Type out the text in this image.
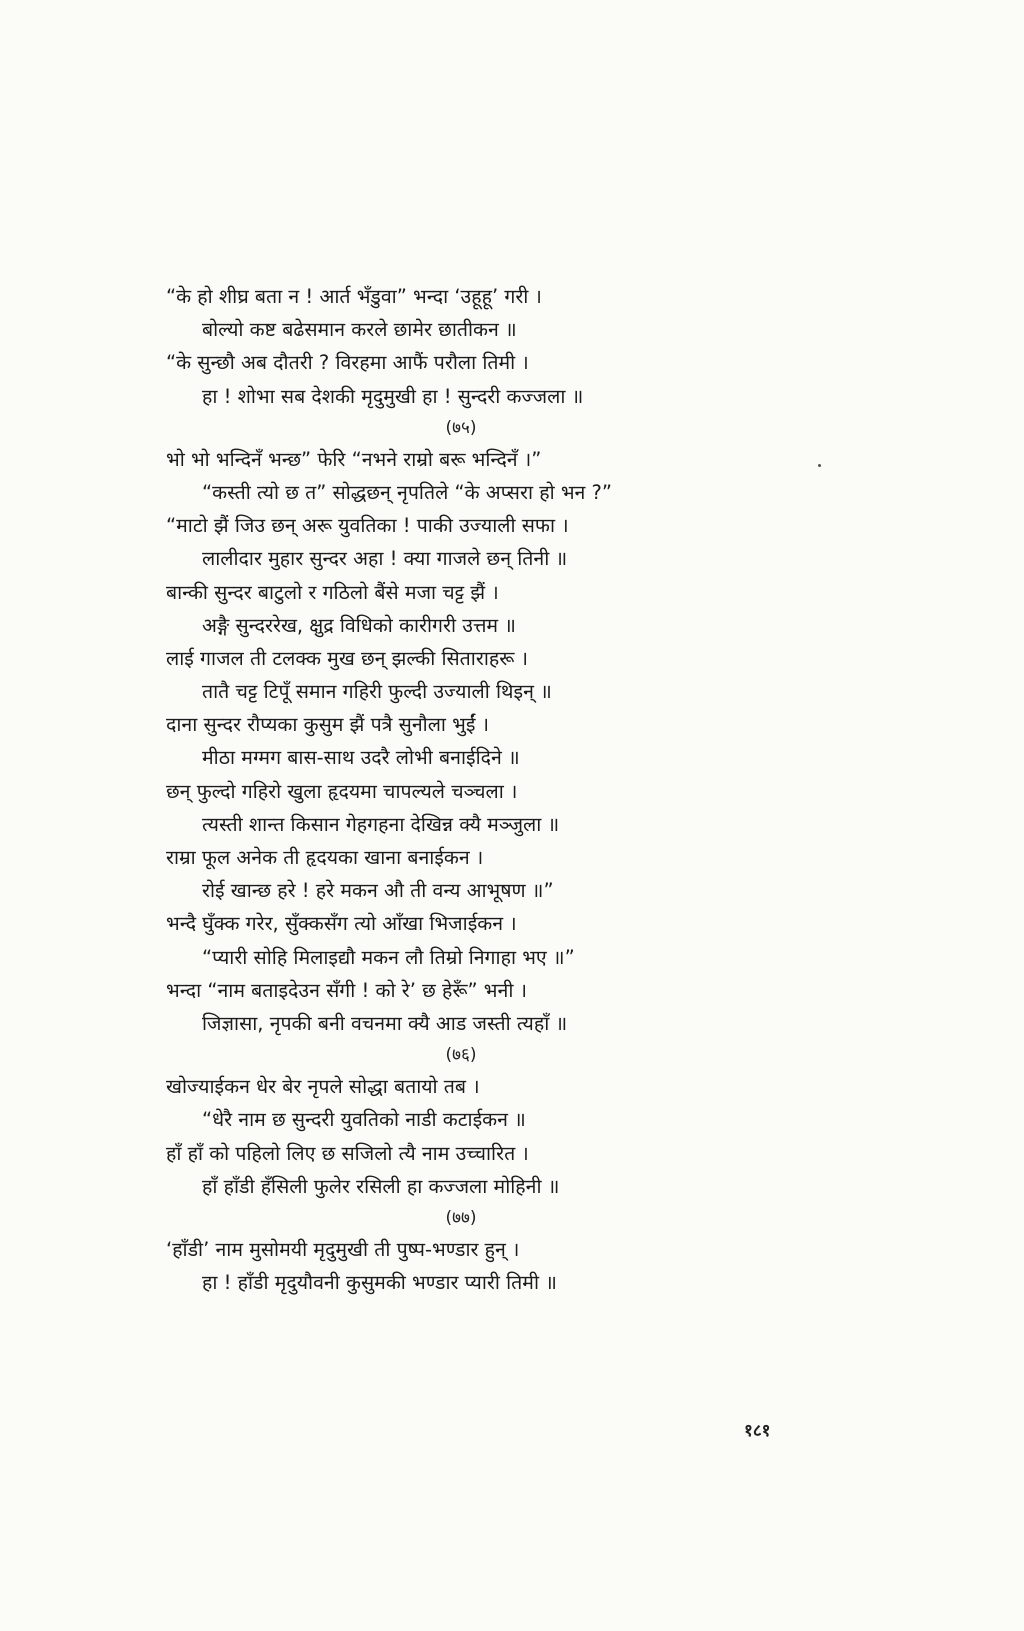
“के हो शीघ्र बता न ! आर्त भँडुवा” भन्दा ‘उहूहू’ गरी ।
बोल्यो कष्ट बढेसमान करले छामेर छातीकन ॥
“के सुन्छौ अब दौतरी ? विरहमा आफैं परौला तिमी ।
हा ! शोभा सब देशकी मृदुमुखी हा ! सुन्दरी कज्जला ॥
(७५)
भो भो भन्दिनँ भन्छ” फेरि “नभने राम्रो बरू भन्दिनँ ।”
“कस्ती त्यो छ त” सोद्धछन् नृपतिले “के अप्सरा हो भन ?”
“माटो झैं जिउ छन् अरू युवतिका ! पाकी उज्याली सफा ।
लालीदार मुहार सुन्दर अहा ! क्या गाजले छन् तिनी ॥
बान्की सुन्दर बाटुलो र गठिलो बैंसे मजा चट्ट झैं ।
अङ्गै सुन्दररेख, क्षुद्र विधिको कारीगरी उत्तम ॥
लाई गाजल ती टलक्क मुख छन् झल्की सिताराहरू ।
तातै चट्ट टिपूँ समान गहिरी फुल्दी उज्याली थिइन् ॥
दाना सुन्दर रौप्यका कुसुम झैं पत्रै सुनौला भुईं ।
मीठा मग्मग बास-साथ उदरै लोभी बनाईदिने ॥
छन् फुल्दो गहिरो खुला हृदयमा चापल्यले चञ्चला ।
त्यस्ती शान्त किसान गेहगहना देखिन्न क्यै मञ्जुला ॥
राम्रा फूल अनेक ती हृदयका खाना बनाईकन ।
रोई खान्छ हरे ! हरे मकन औ ती वन्य आभूषण ॥”
भन्दै घुँक्क गरेर, सुँक्कसँग त्यो आँखा भिजाईकन ।
“प्यारी सोहि मिलाइद्यौ मकन लौ तिम्रो निगाहा भए ॥”
भन्दा “नाम बताइदेउन सँगी ! को रे’ छ हेरूँ” भनी ।
जिज्ञासा, नृपकी बनी वचनमा क्यै आड जस्ती त्यहाँ ॥
(७६)
खोज्याईकन धेर बेर नृपले सोद्धा बतायो तब ।
“धेरै नाम छ सुन्दरी युवतिको नाडी कटाईकन ॥
हाँ हाँ को पहिलो लिए छ सजिलो त्यै नाम उच्चारित ।
हाँ हाँडी हँसिली फुलेर रसिली हा कज्जला मोहिनी ॥
(७७)
‘हाँडी’ नाम मुसोमयी मृदुमुखी ती पुष्प-भण्डार हुन् ।
हा ! हाँडी मृदुयौवनी कुसुमकी भण्डार प्यारी तिमी ॥
१८१
